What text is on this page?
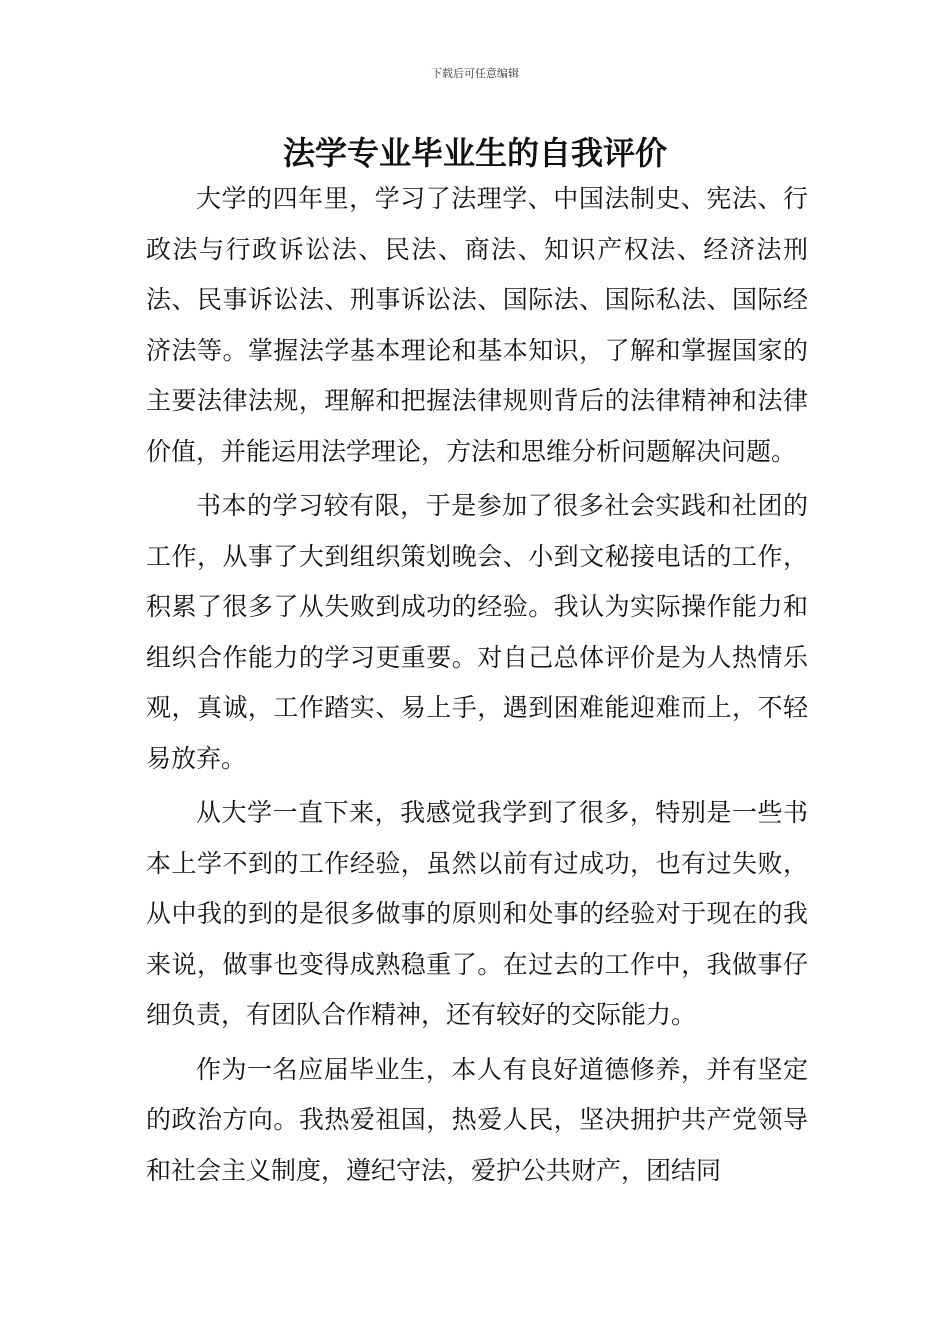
下载后可任意编辑
法学专业毕业生的自我评价

大学的四年里，学习了法理学、中国法制史、宪法、行政法与行政诉讼法、民法、商法、知识产权法、经济法刑法、民事诉讼法、刑事诉讼法、国际法、国际私法、国际经济法等。掌握法学基本理论和基本知识，了解和掌握国家的主要法律法规，理解和把握法律规则背后的法律精神和法律价值，并能运用法学理论，方法和思维分析问题解决问题。

书本的学习较有限，于是参加了很多社会实践和社团的工作，从事了大到组织策划晚会、小到文秘接电话的工作，积累了很多了从失败到成功的经验。我认为实际操作能力和组织合作能力的学习更重要。对自己总体评价是为人热情乐观，真诚，工作踏实、易上手，遇到困难能迎难而上，不轻易放弃。

从大学一直下来，我感觉我学到了很多，特别是一些书本上学不到的工作经验，虽然以前有过成功，也有过失败，从中我的到的是很多做事的原则和处事的经验对于现在的我来说，做事也变得成熟稳重了。在过去的工作中，我做事仔细负责，有团队合作精神，还有较好的交际能力。

作为一名应届毕业生，本人有良好道德修养，并有坚定的政治方向。我热爱祖国，热爱人民，坚决拥护共产党领导和社会主义制度，遵纪守法，爱护公共财产，团结同
